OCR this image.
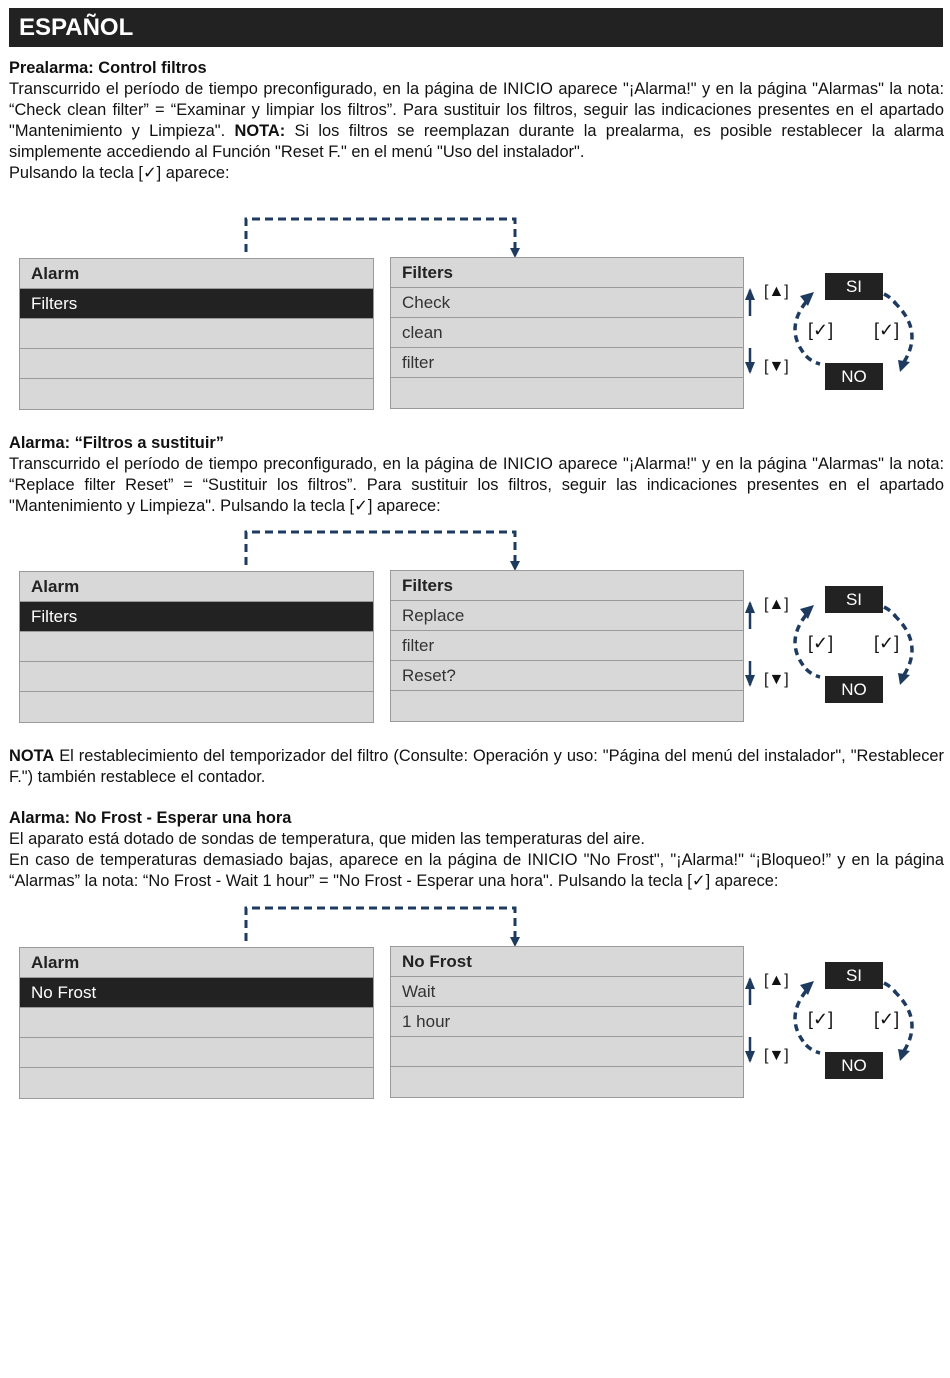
ESPAÑOL
Prealarma: Control filtros

Transcurrido el período de tiempo preconfigurado, en la página de INICIO aparece "¡Alarma!" y en la página "Alarmas" la nota: “Check clean filter” = “Examinar y limpiar los filtros”. Para sustituir los filtros, seguir las indicaciones presentes en el apartado "Mantenimiento y Limpieza". NOTA: Si los filtros se reemplazan durante la prealarma, es posible restablecer la alarma simplemente accediendo al Función "Reset F." en el menú "Uso del instalador".

Pulsando la tecla [✓] aparece:

Alarm
Filters
Filters
Check
clean
filter
[▲]
[▼]
[✓] [✓]
SI
NO
Alarma: “Filtros a sustituir”

Transcurrido el período de tiempo preconfigurado, en la página de INICIO aparece "¡Alarma!" y en la página "Alarmas" la nota: “Replace filter Reset” = “Sustituir los filtros”. Para sustituir los filtros, seguir las indicaciones presentes en el apartado "Mantenimiento y Limpieza". Pulsando la tecla [✓] aparece:

Alarm
Filters
Filters
Replace
filter
Reset?
[▲]
[▼]
[✓] [✓]
SI
NO

NOTA El restablecimiento del temporizador del filtro (Consulte: Operación y uso: "Página del menú del instalador", "Restablecer F.") también restablece el contador.

Alarma: No Frost - Esperar una hora

El aparato está dotado de sondas de temperatura, que miden las temperaturas del aire.

En caso de temperaturas demasiado bajas, aparece en la página de INICIO "No Frost", "¡Alarma!" “¡Bloqueo!” y en la página “Alarmas” la nota: “No Frost - Wait 1 hour” = "No Frost - Esperar una hora". Pulsando la tecla [✓] aparece:

Alarm
No Frost
No Frost
Wait
1 hour
[▲]
[▼]
[✓] [✓]
SI
NO
